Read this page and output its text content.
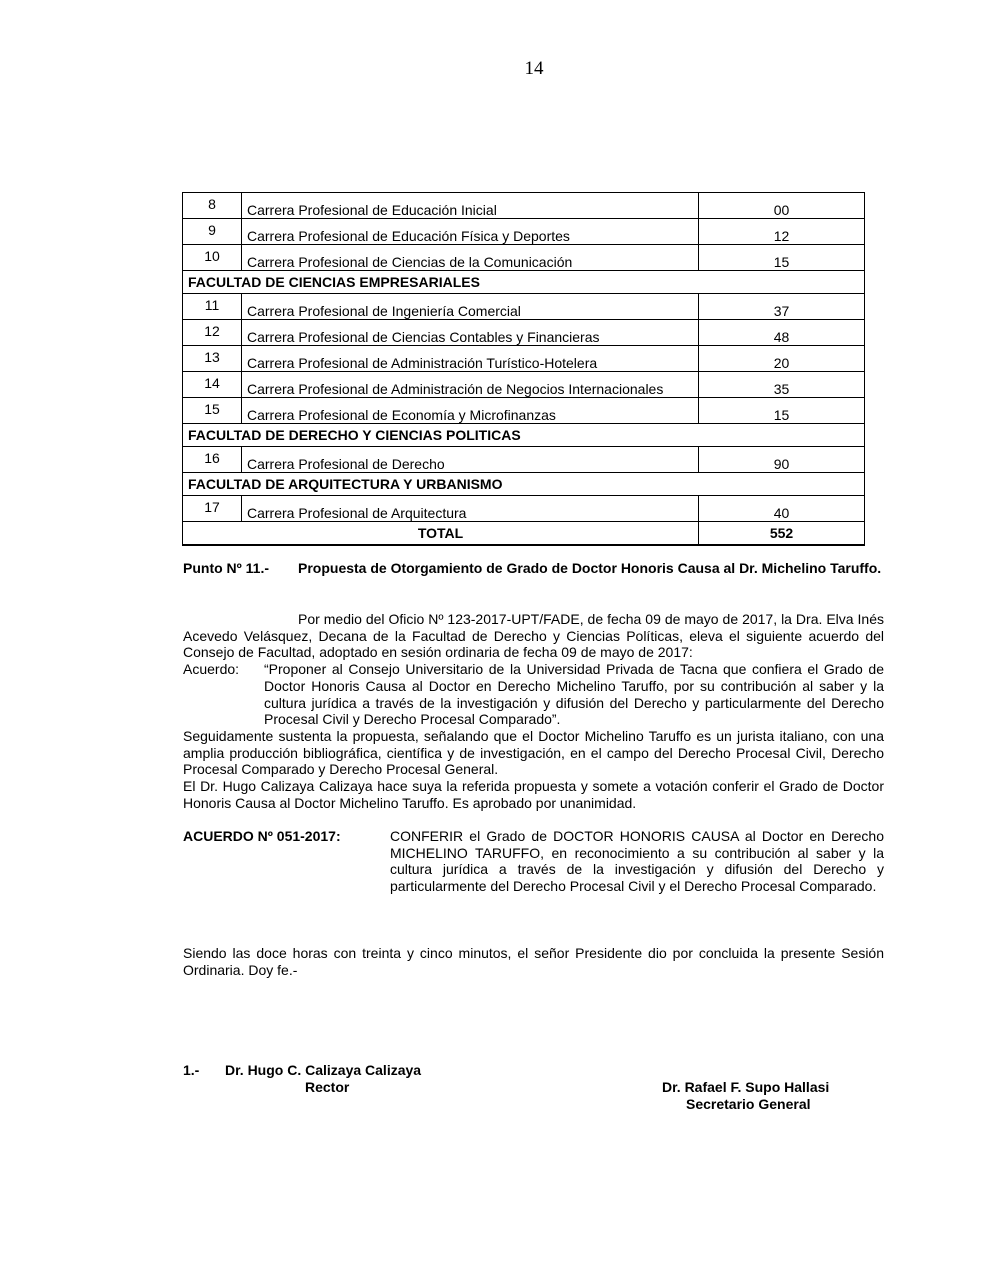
14
8	Carrera Profesional de Educación Inicial	00
9	Carrera Profesional de Educación Física y Deportes	12
10	Carrera Profesional de Ciencias de la Comunicación	15
FACULTAD DE CIENCIAS EMPRESARIALES		
11	Carrera Profesional de Ingeniería Comercial	37
12	Carrera Profesional de Ciencias Contables y Financieras	48
13	Carrera Profesional de Administración Turístico-Hotelera	20
14	Carrera Profesional de Administración de Negocios Internacionales	35
15	Carrera Profesional de Economía y Microfinanzas	15
FACULTAD DE DERECHO Y CIENCIAS POLITICAS		
16	Carrera Profesional de Derecho	90
FACULTAD DE ARQUITECTURA Y URBANISMO		
17	Carrera Profesional de Arquitectura	40
TOTAL		552
Punto Nº 11.- Propuesta de Otorgamiento de Grado de Doctor Honoris Causa al Dr. Michelino Taruffo.
Por medio del Oficio Nº 123-2017-UPT/FADE, de fecha 09 de mayo de 2017, la Dra. Elva Inés Acevedo Velásquez, Decana de la Facultad de Derecho y Ciencias Políticas, eleva el siguiente acuerdo del Consejo de Facultad, adoptado en sesión ordinaria de fecha 09 de mayo de 2017:
Acuerdo: “Proponer al Consejo Universitario de la Universidad Privada de Tacna que confiera el Grado de Doctor Honoris Causa al Doctor en Derecho Michelino Taruffo, por su contribución al saber y la cultura jurídica a través de la investigación y difusión del Derecho y particularmente del Derecho Procesal Civil y Derecho Procesal Comparado”.
Seguidamente sustenta la propuesta, señalando que el Doctor Michelino Taruffo es un jurista italiano, con una amplia producción bibliográfica, científica y de investigación, en el campo del Derecho Procesal Civil, Derecho Procesal Comparado y Derecho Procesal General.
El Dr. Hugo Calizaya Calizaya hace suya la referida propuesta y somete a votación conferir el Grado de Doctor Honoris Causa al Doctor Michelino Taruffo. Es aprobado por unanimidad.
ACUERDO Nº 051-2017:	CONFERIR el Grado de DOCTOR HONORIS CAUSA al Doctor en Derecho MICHELINO TARUFFO, en reconocimiento a su contribución al saber y la cultura jurídica a través de la investigación y difusión del Derecho y particularmente del Derecho Procesal Civil y el Derecho Procesal Comparado.
Siendo las doce horas con treinta y cinco minutos, el señor Presidente dio por concluida la presente Sesión Ordinaria. Doy fe.-
1.- Dr. Hugo C. Calizaya Calizaya
Rector	Dr. Rafael F. Supo Hallasi
Secretario General
